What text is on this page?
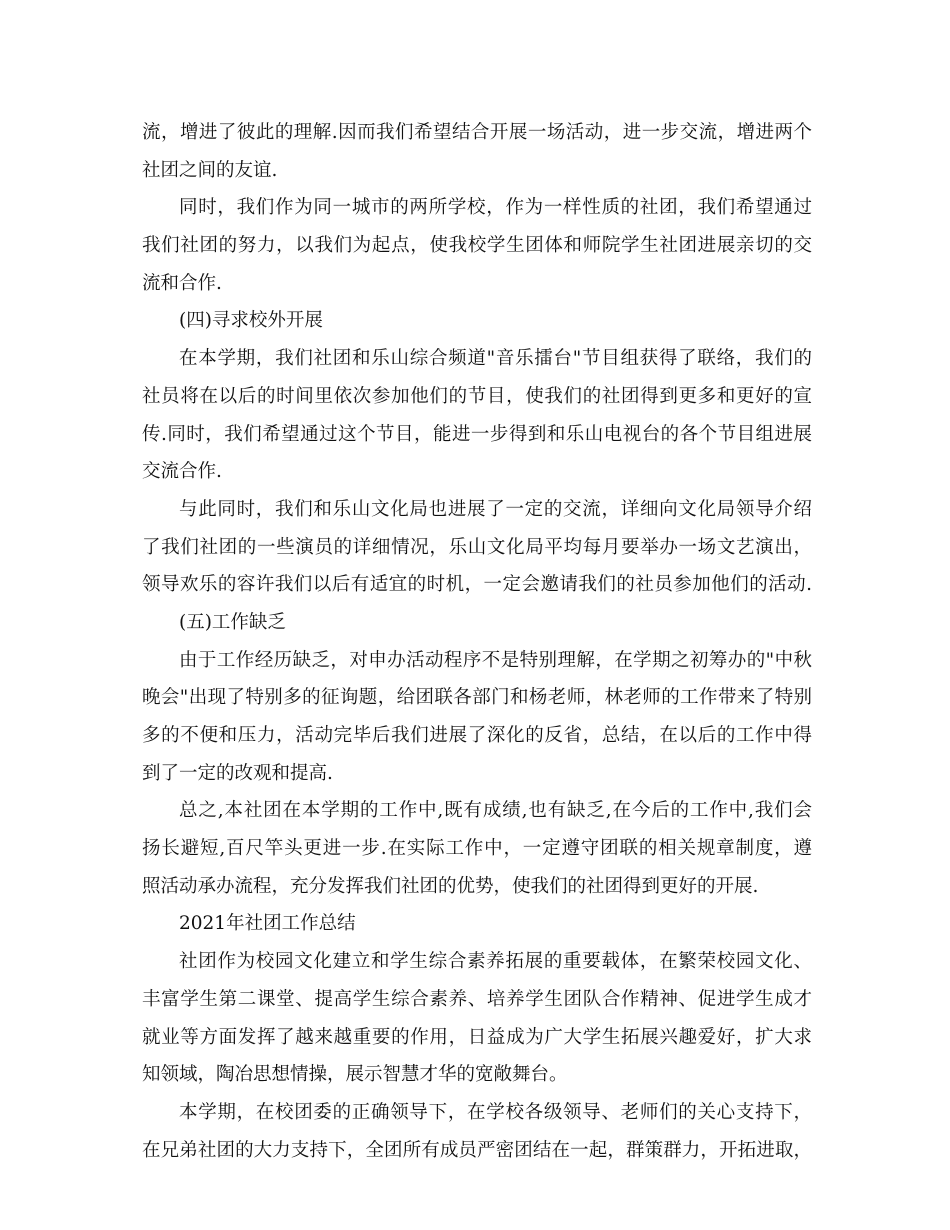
流，增进了彼此的理解.因而我们希望结合开展一场活动，进一步交流，增进两个
社团之间的友谊.
同时，我们作为同一城市的两所学校，作为一样性质的社团，我们希望通过
我们社团的努力，以我们为起点，使我校学生团体和师院学生社团进展亲切的交
流和合作.
(四)寻求校外开展
在本学期，我们社团和乐山综合频道"音乐擂台"节目组获得了联络，我们的
社员将在以后的时间里依次参加他们的节目，使我们的社团得到更多和更好的宣
传.同时，我们希望通过这个节目，能进一步得到和乐山电视台的各个节目组进展
交流合作.
与此同时，我们和乐山文化局也进展了一定的交流，详细向文化局领导介绍
了我们社团的一些演员的详细情况，乐山文化局平均每月要举办一场文艺演出，
领导欢乐的容许我们以后有适宜的时机，一定会邀请我们的社员参加他们的活动.
(五)工作缺乏
由于工作经历缺乏，对申办活动程序不是特别理解，在学期之初筹办的"中秋
晚会"出现了特别多的征询题，给团联各部门和杨老师，林老师的工作带来了特别
多的不便和压力，活动完毕后我们进展了深化的反省，总结，在以后的工作中得
到了一定的改观和提高.
总之,本社团在本学期的工作中,既有成绩,也有缺乏,在今后的工作中,我们会
扬长避短,百尺竿头更进一步.在实际工作中，一定遵守团联的相关规章制度，遵
照活动承办流程，充分发挥我们社团的优势，使我们的社团得到更好的开展.
2021年社团工作总结
社团作为校园文化建立和学生综合素养拓展的重要载体，在繁荣校园文化、
丰富学生第二课堂、提高学生综合素养、培养学生团队合作精神、促进学生成才
就业等方面发挥了越来越重要的作用，日益成为广大学生拓展兴趣爱好，扩大求
知领域，陶冶思想情操，展示智慧才华的宽敞舞台。
本学期，在校团委的正确领导下，在学校各级领导、老师们的关心支持下，
在兄弟社团的大力支持下，全团所有成员严密团结在一起，群策群力，开拓进取，
